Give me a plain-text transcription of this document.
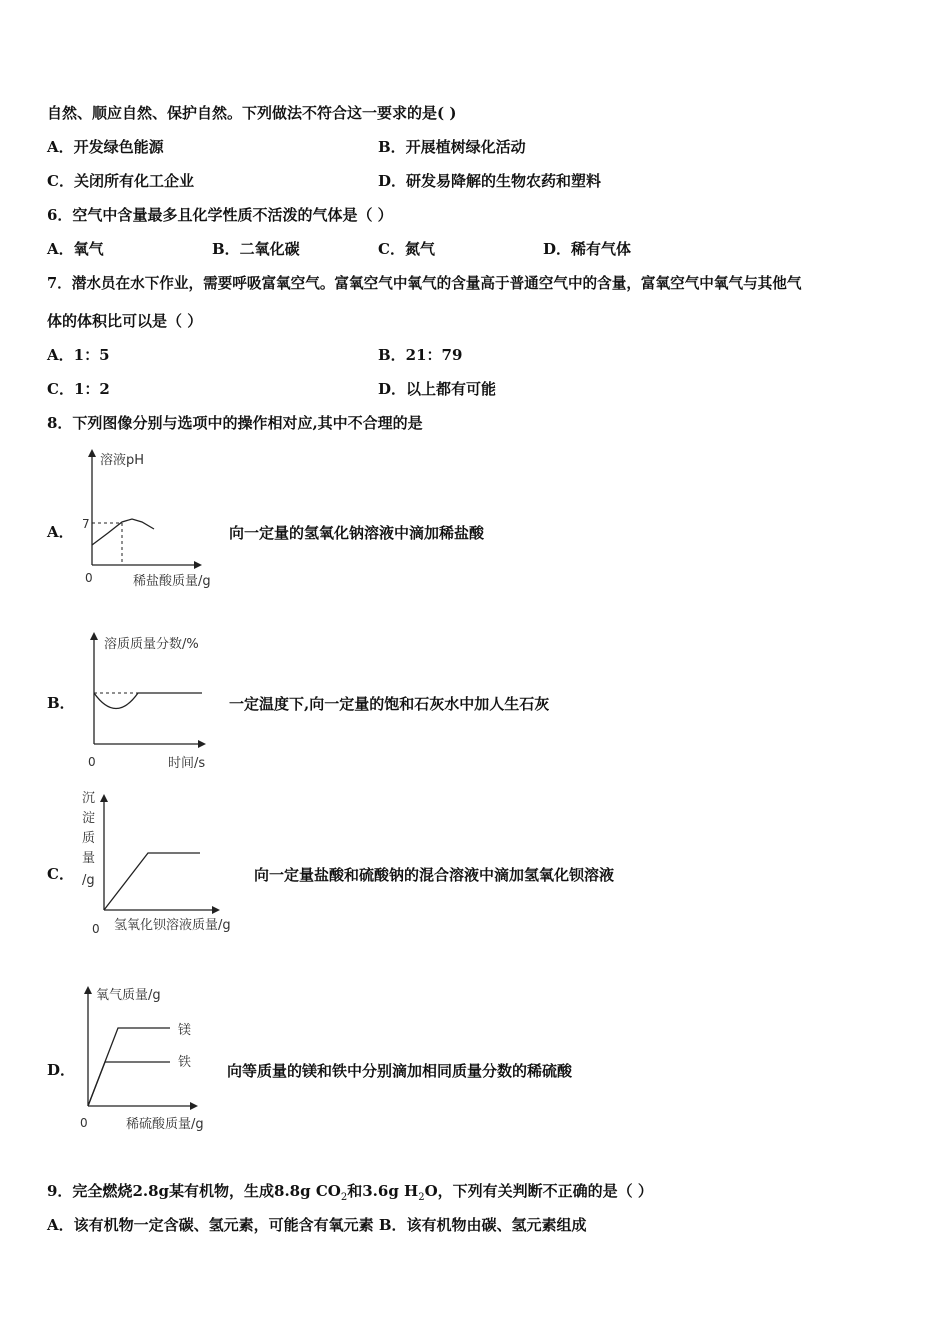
自然、顺应自然、保护自然。下列做法不符合这一要求的是( )
A．开发绿色能源	B．开展植树绿化活动
C．关闭所有化工企业	D．研发易降解的生物农药和塑料
6．空气中含量最多且化学性质不活泼的气体是（ ）
A．氧气	B．二氧化碳	C．氮气	D．稀有气体
7．潜水员在水下作业，需要呼吸富氧空气。富氧空气中氧气的含量高于普通空气中的含量，富氧空气中氧气与其他气
体的体积比可以是（ ）
A．1：5	B．21：79
C．1：2	D．以上都有可能
8．下列图像分别与选项中的操作相对应,其中不合理的是
A．
溶液pH
7
0	稀盐酸质量/g
向一定量的氢氧化钠溶液中滴加稀盐酸
B．
溶质质量分数/%
0	时间/s
一定温度下,向一定量的饱和石灰水中加人生石灰
C．
沉
淀
质
量
/g
0 氢氧化钡溶液质量/g
向一定量盐酸和硫酸钠的混合溶液中滴加氢氧化钡溶液
D．
氧气质量/g
镁
铁
0	稀硫酸质量/g
向等质量的镁和铁中分别滴加相同质量分数的稀硫酸
9．完全燃烧2.8g某有机物，生成8.8g $CO_2$和3.6g $H_2O$，下列有关判断不正确的是（ ）
A．该有机物一定含碳、氢元素，可能含有氧元素 B．该有机物由碳、氢元素组成
